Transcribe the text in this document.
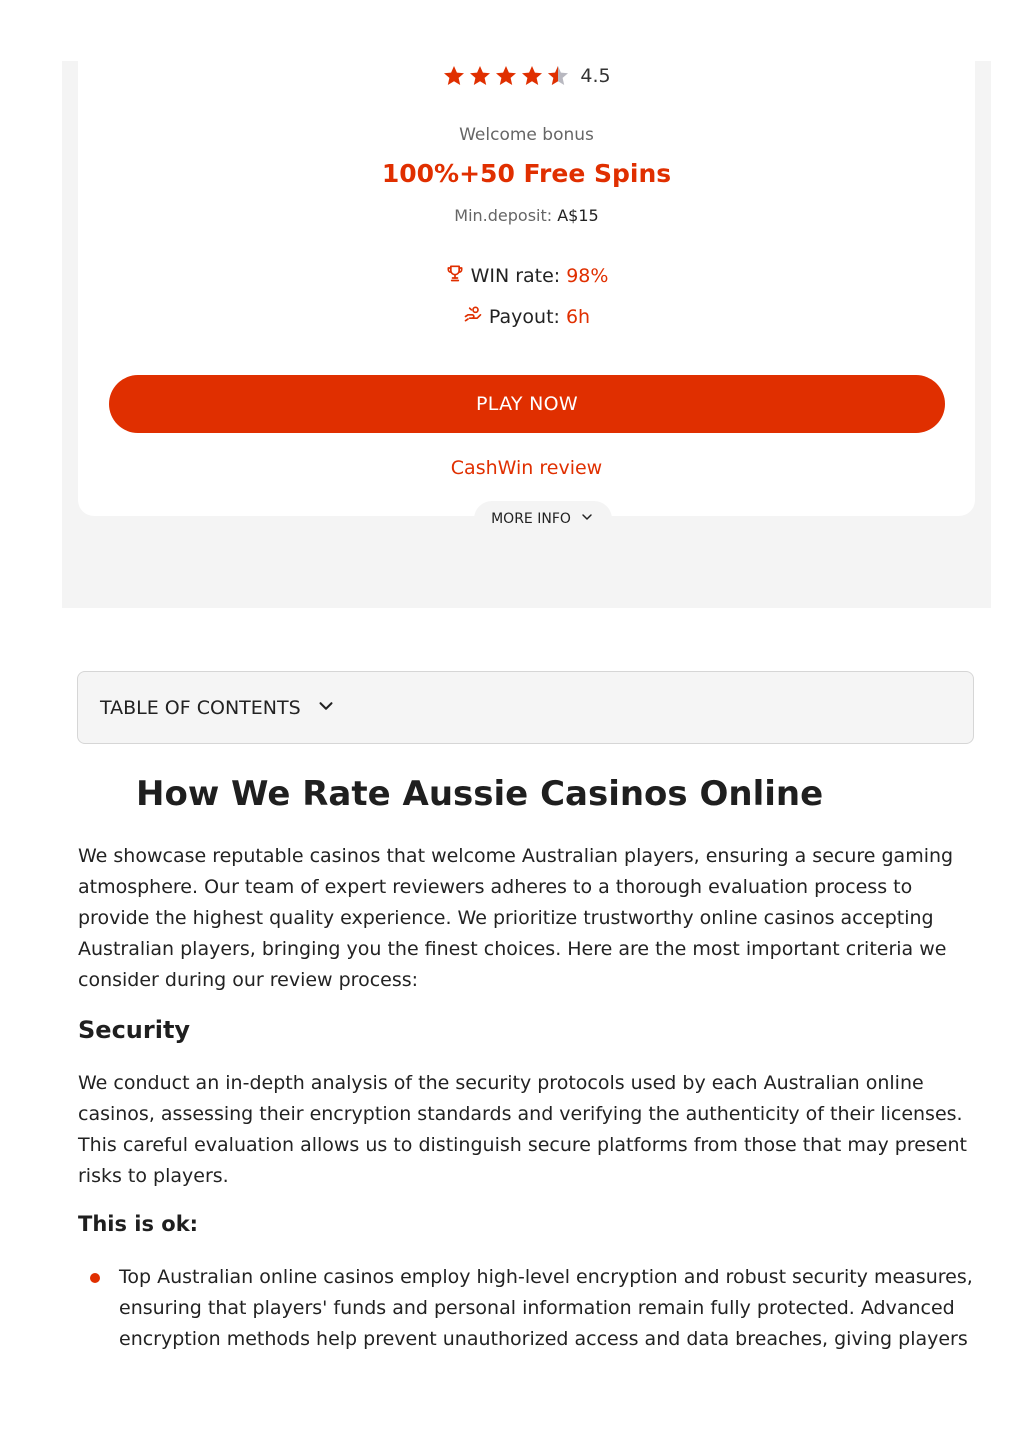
4.5
Welcome bonus
100%+50 Free Spins
Min.deposit: A$15
WIN rate: 98%
Payout: 6h
PLAY NOW
CashWin review
MORE INFO
TABLE OF CONTENTS
How We Rate Aussie Casinos Online

We showcase reputable casinos that welcome Australian players, ensuring a secure gaming atmosphere. Our team of expert reviewers adheres to a thorough evaluation process to provide the highest quality experience. We prioritize trustworthy online casinos accepting Australian players, bringing you the finest choices. Here are the most important criteria we consider during our review process:

Security

We conduct an in-depth analysis of the security protocols used by each Australian online casinos, assessing their encryption standards and verifying the authenticity of their licenses. This careful evaluation allows us to distinguish secure platforms from those that may present risks to players.

This is ok:
Top Australian online casinos employ high-level encryption and robust security measures, ensuring that players' funds and personal information remain fully protected. Advanced encryption methods help prevent unauthorized access and data breaches, giving players
